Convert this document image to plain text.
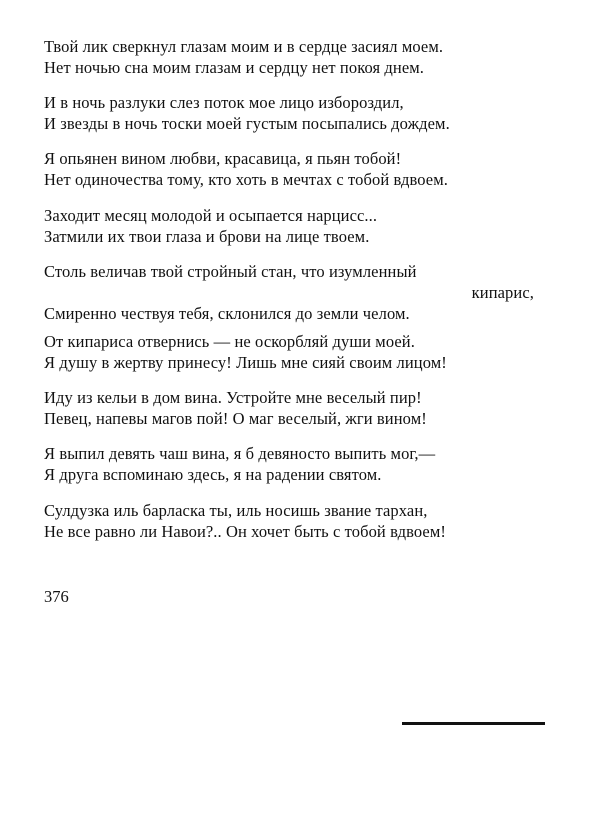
Твой лик сверкнул глазам моим и в сердце засиял моем.
Нет ночью сна моим глазам и сердцу нет покоя днем.
И в ночь разлуки слез поток мое лицо избороздил,
И звезды в ночь тоски моей густым посыпались дождем.
Я опьянен вином любви, красавица, я пьян тобой!
Нет одиночества тому, кто хоть в мечтах с тобой вдвоем.
Заходит месяц молодой и осыпается нарцисс...
Затмили их твои глаза и брови на лице твоем.
Столь величав твой стройный стан, что изумленный
кипарис,
Смиренно чествуя тебя, склонился до земли челом.
От кипариса отвернись — не оскорбляй души моей.
Я душу в жертву принесу! Лишь мне сияй своим лицом!
Иду из кельи в дом вина. Устройте мне веселый пир!
Певец, напевы магов пой! О маг веселый, жги вином!
Я выпил девять чаш вина, я б девяносто выпить мог,—
Я друга вспоминаю здесь, я на радении святом.
Сулдузка иль барласка ты, иль носишь звание тархан,
Не все равно ли Навои?.. Он хочет быть с тобой вдвоем!
376
